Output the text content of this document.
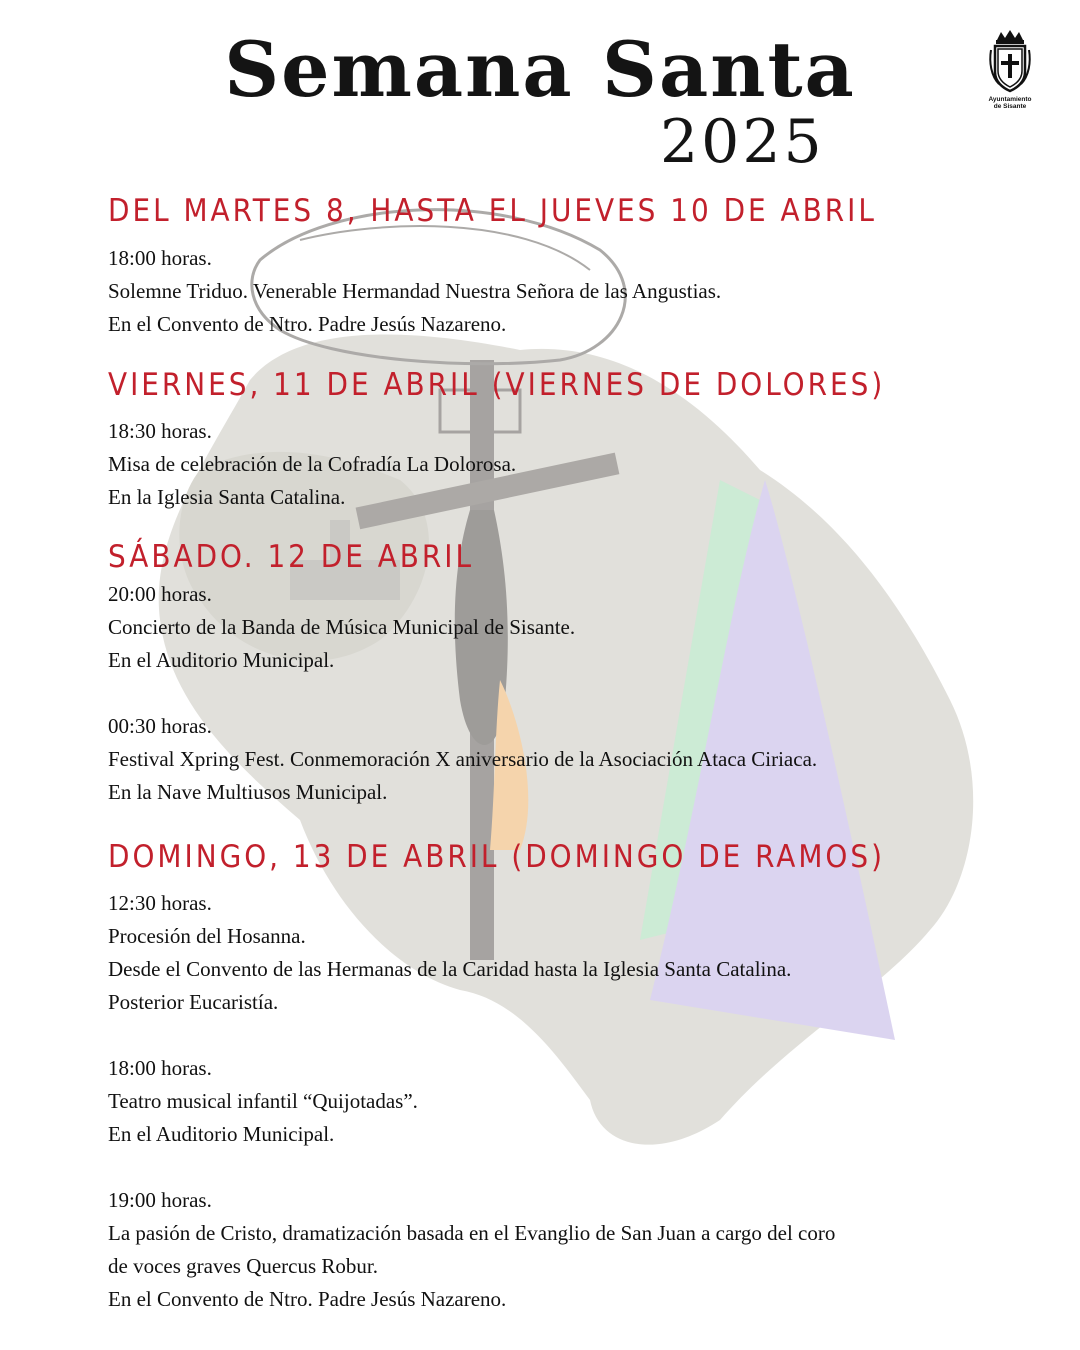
Semana Santa
2025
Ayuntamiento
de Sisante
DEL MARTES 8, HASTA EL JUEVES 10 DE ABRIL
18:00 horas.
Solemne Triduo. Venerable Hermandad Nuestra Señora de las Angustias.
En el Convento de Ntro. Padre Jesús Nazareno.
VIERNES, 11 DE ABRIL (VIERNES DE DOLORES)
18:30 horas.
Misa de celebración de la Cofradía La Dolorosa.
En la Iglesia Santa Catalina.
SÁBADO. 12 DE ABRIL
20:00 horas.
Concierto de la Banda de Música Municipal de Sisante.
En el Auditorio Municipal.
00:30 horas.
Festival Xpring Fest. Conmemoración X aniversario de la Asociación Ataca Ciriaca.
En la Nave Multiusos Municipal.
DOMINGO, 13 DE ABRIL (DOMINGO DE RAMOS)
12:30 horas.
Procesión del Hosanna.
Desde el Convento de las Hermanas de la Caridad hasta la Iglesia Santa Catalina.
Posterior Eucaristía.
18:00 horas.
Teatro musical infantil “Quijotadas”.
En el Auditorio Municipal.
19:00 horas.
La pasión de Cristo, dramatización basada en el Evanglio de San Juan a cargo del coro
de voces graves Quercus Robur.
En el Convento de Ntro. Padre Jesús Nazareno.
